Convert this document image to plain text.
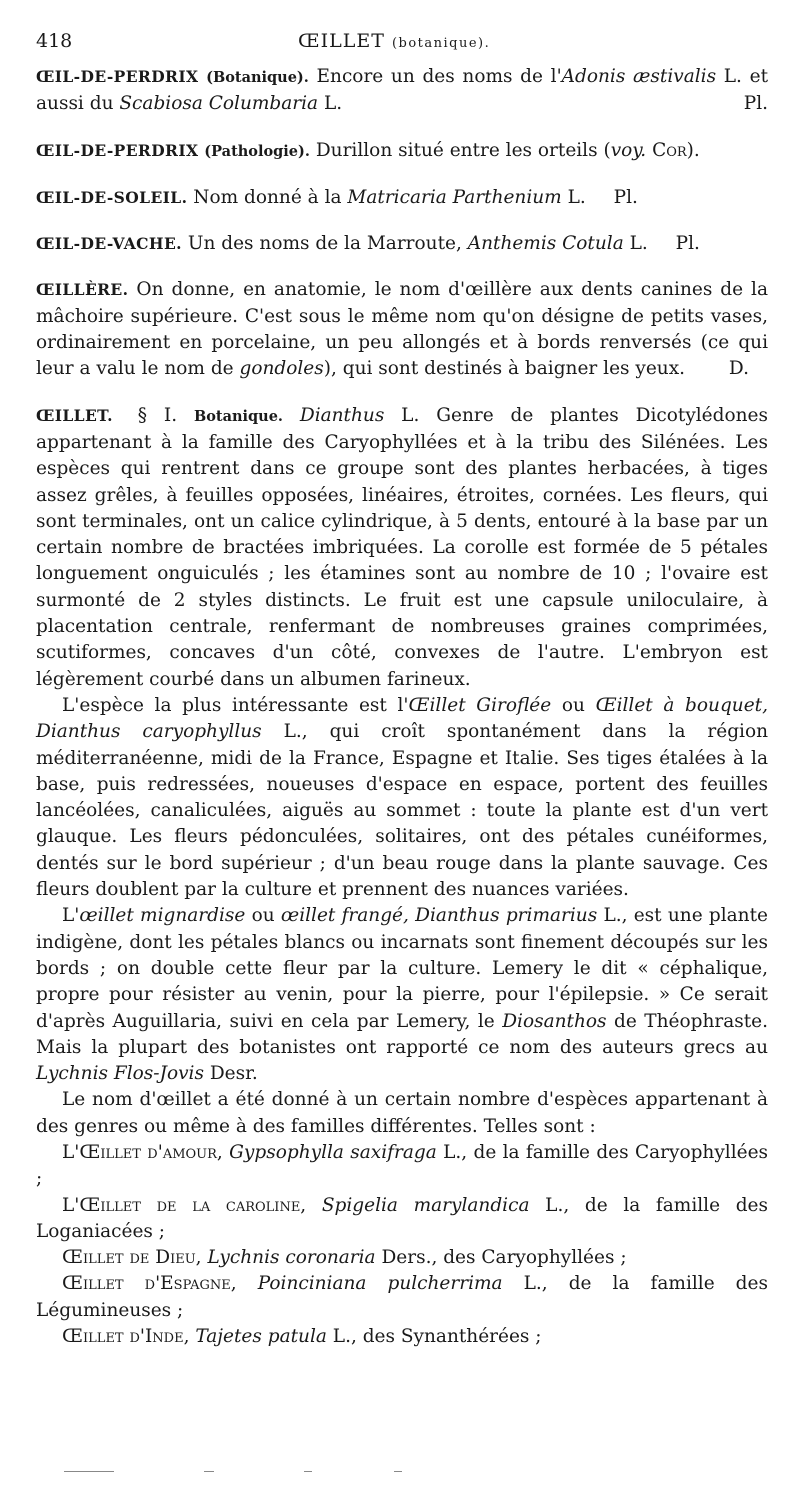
418	ŒILLET (botanique).

ŒIL-DE-PERDRIX (Botanique). Encore un des noms de l'Adonis æstivalis L. et aussi du Scabiosa Columbaria L.	Pl.

ŒIL-DE-PERDRIX (Pathologie). Durillon situé entre les orteils (voy. Cor).

ŒIL-DE-SOLEIL. Nom donné à la Matricaria Parthenium L. Pl.

ŒIL-DE-VACHE. Un des noms de la Marroute, Anthemis Cotula L. Pl.

ŒILLÈRE. On donne, en anatomie, le nom d'œillère aux dents canines de la mâchoire supérieure. C'est sous le même nom qu'on désigne de petits vases, ordinairement en porcelaine, un peu allongés et à bords renversés (ce qui leur a valu le nom de gondoles), qui sont destinés à baigner les yeux. D.

ŒILLET. § I. Botanique. Dianthus L. Genre de plantes Dicotylédones appartenant à la famille des Caryophyllées et à la tribu des Silénées. Les espèces qui rentrent dans ce groupe sont des plantes herbacées, à tiges assez grêles, à feuilles opposées, linéaires, étroites, cornées. Les fleurs, qui sont terminales, ont un calice cylindrique, à 5 dents, entouré à la base par un certain nombre de bractées imbriquées. La corolle est formée de 5 pétales longuement onguiculés ; les étamines sont au nombre de 10 ; l'ovaire est surmonté de 2 styles distincts. Le fruit est une capsule uniloculaire, à placentation centrale, renfermant de nombreuses graines comprimées, scutiformes, concaves d'un côté, convexes de l'autre. L'embryon est légèrement courbé dans un albumen farineux.

L'espèce la plus intéressante est l'Œillet Giroflée ou Œillet à bouquet, Dianthus caryophyllus L., qui croît spontanément dans la région méditerranéenne, midi de la France, Espagne et Italie. Ses tiges étalées à la base, puis redressées, noueuses d'espace en espace, portent des feuilles lancéolées, canaliculées, aiguës au sommet : toute la plante est d'un vert glauque. Les fleurs pédonculées, solitaires, ont des pétales cunéiformes, dentés sur le bord supérieur ; d'un beau rouge dans la plante sauvage. Ces fleurs doublent par la culture et prennent des nuances variées.

L'œillet mignardise ou œillet frangé, Dianthus primarius L., est une plante indigène, dont les pétales blancs ou incarnats sont finement découpés sur les bords ; on double cette fleur par la culture. Lemery le dit « céphalique, propre pour résister au venin, pour la pierre, pour l'épilepsie. » Ce serait d'après Auguillaria, suivi en cela par Lemery, le Diosanthos de Théophraste. Mais la plupart des botanistes ont rapporté ce nom des auteurs grecs au Lychnis Flos-Jovis Desr.

Le nom d'œillet a été donné à un certain nombre d'espèces appartenant à des genres ou même à des familles différentes. Telles sont :

L'Œillet d'amour, Gypsophylla saxifraga L., de la famille des Caryophyllées ;

L'Œillet de la caroline, Spigelia marylandica L., de la famille des Loganiacées ;

Œillet de Dieu, Lychnis coronaria Ders., des Caryophyllées ;

Œillet d'Espagne, Poinciniana pulcherrima L., de la famille des Légumineuses ;

Œillet d'Inde, Tajetes patula L., des Synanthérées ;
